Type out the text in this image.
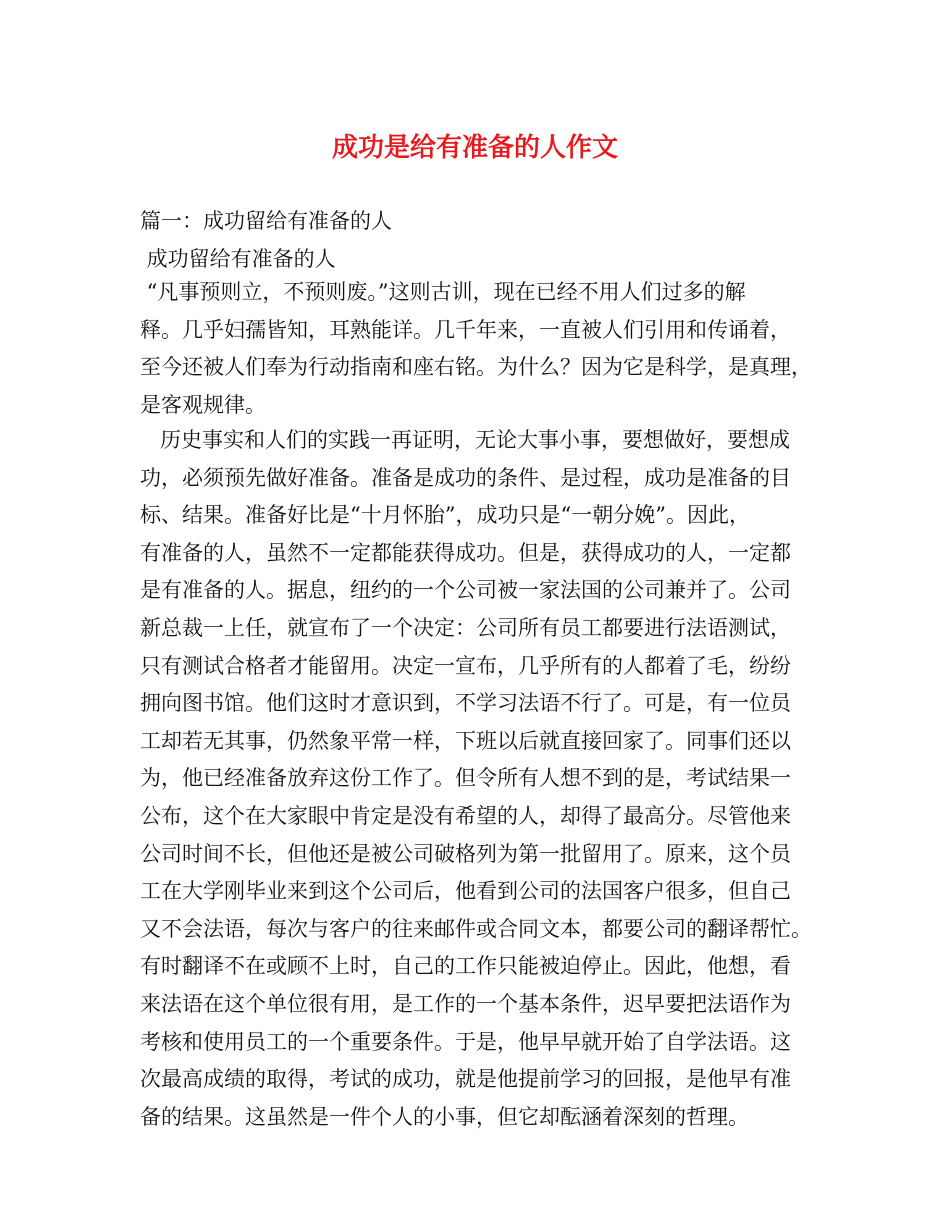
成功是给有准备的人作文
篇一：成功留给有准备的人
成功留给有准备的人
“凡事预则立，不预则废。”这则古训，现在已经不用人们过多的解
释。几乎妇孺皆知，耳熟能详。几千年来，一直被人们引用和传诵着，
至今还被人们奉为行动指南和座右铭。为什么？因为它是科学，是真理，
是客观规律。
历史事实和人们的实践一再证明，无论大事小事，要想做好，要想成
功，必须预先做好准备。准备是成功的条件、是过程，成功是准备的目
标、结果。准备好比是“十月怀胎”，成功只是“一朝分娩”。因此，
有准备的人，虽然不一定都能获得成功。但是，获得成功的人，一定都
是有准备的人。据息，纽约的一个公司被一家法国的公司兼并了。公司
新总裁一上任，就宣布了一个决定：公司所有员工都要进行法语测试，
只有测试合格者才能留用。决定一宣布，几乎所有的人都着了毛，纷纷
拥向图书馆。他们这时才意识到，不学习法语不行了。可是，有一位员
工却若无其事，仍然象平常一样，下班以后就直接回家了。同事们还以
为，他已经准备放弃这份工作了。但令所有人想不到的是，考试结果一
公布，这个在大家眼中肯定是没有希望的人，却得了最高分。尽管他来
公司时间不长，但他还是被公司破格列为第一批留用了。原来，这个员
工在大学刚毕业来到这个公司后，他看到公司的法国客户很多，但自己
又不会法语，每次与客户的往来邮件或合同文本，都要公司的翻译帮忙。
有时翻译不在或顾不上时，自己的工作只能被迫停止。因此，他想，看
来法语在这个单位很有用，是工作的一个基本条件，迟早要把法语作为
考核和使用员工的一个重要条件。于是，他早早就开始了自学法语。这
次最高成绩的取得，考试的成功，就是他提前学习的回报，是他早有准
备的结果。这虽然是一件个人的小事，但它却酝涵着深刻的哲理。
